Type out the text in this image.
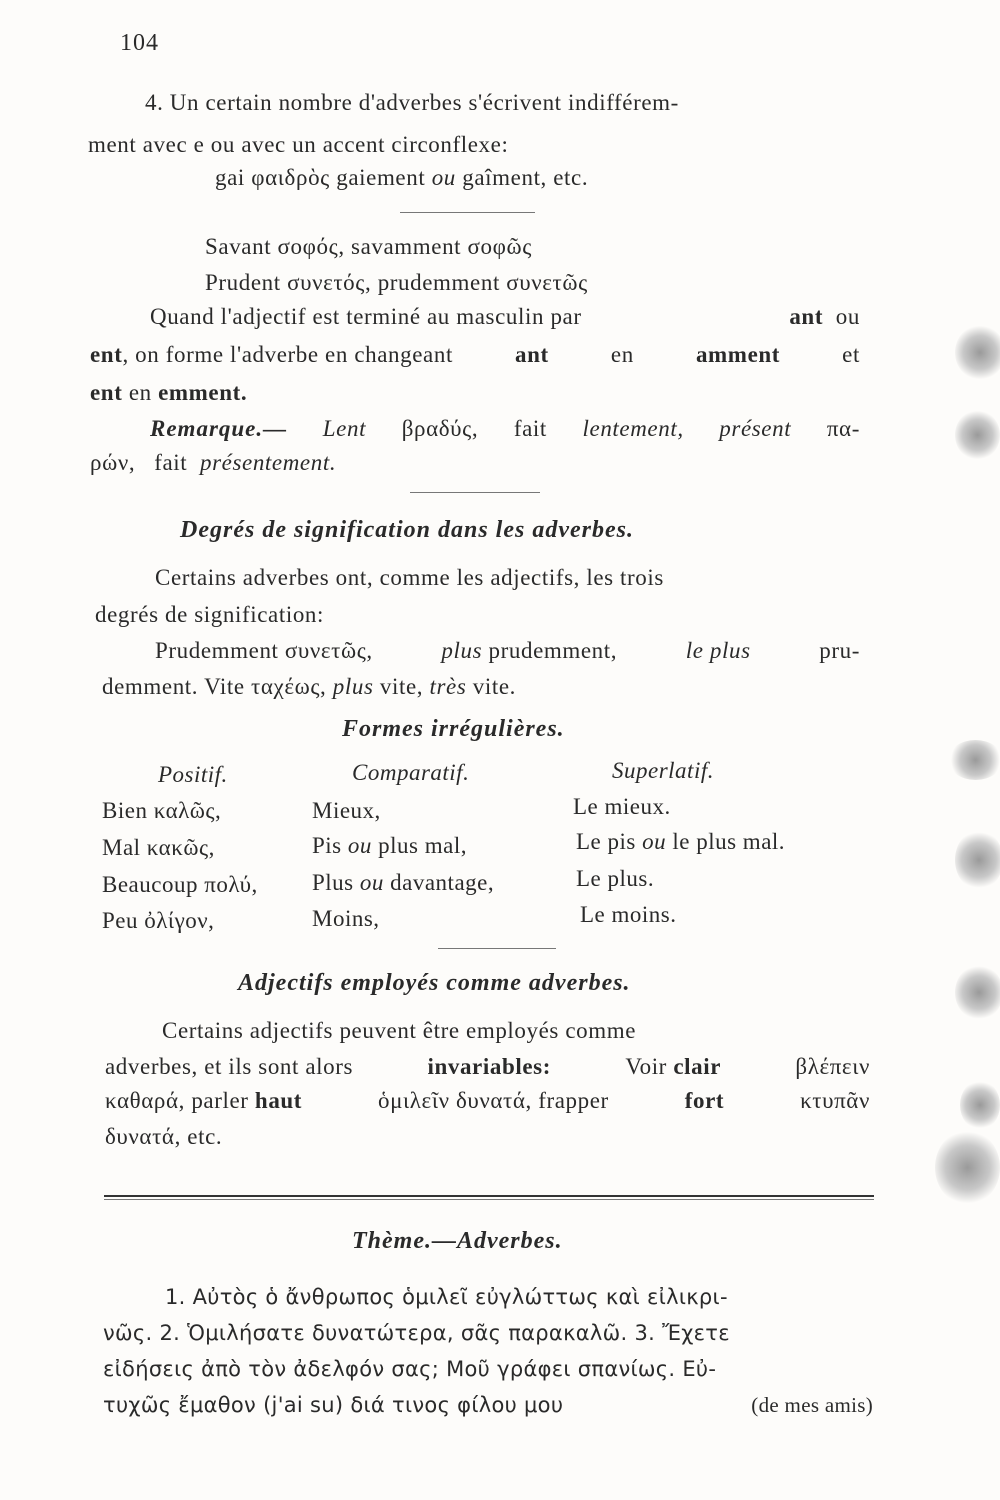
104
4. Un certain nombre d'adverbes s'écrivent indifférem-
ment avec e ou avec un accent circonflexe:
gai φαιδρὸς gaiement ou gaîment, etc.
Savant σοφός, savamment σοφῶς
Prudent συνετός, prudemment συνετῶς
Quand l'adjectif est terminé au masculin par	ant ou
ent, on forme l'adverbe en changeant	ant	en	amment	et
ent en emment.
Remarque.— Lent βραδύς, fait lentement, présent πα-
ρών, fait présentement.
Degrés de signification dans les adverbes.
Certains adverbes ont, comme les adjectifs, les trois
degrés de signification:
Prudemment συνετῶς,	plus prudemment,	le plus	pru-
demment. Vite ταχέως, plus vite, très vite.
Formes irrégulières.
Positif.	Comparatif.	Superlatif.
Bien καλῶς,	Mieux,	Le mieux.
Mal κακῶς,	Pis ou plus mal,	Le pis ou le plus mal.
Beaucoup πολύ, Plus ou davantage,	Le plus.
Peu ὀλίγον,	Moins,	Le moins.
Adjectifs employés comme adverbes.
Certains adjectifs peuvent être employés comme
adverbes, et ils sont alors	invariables:	Voir clair	βλέπειν
καθαρά, parler haut	ὁμιλεῖν δυνατά, frapper	fort	κτυπᾶν
δυνατά, etc.
Thème.—Adverbes.
1. Αὐτὸς ὁ ἄνθρωπος ὁμιλεῖ εὐγλώττως καὶ εἰλικρι-
νῶς. 2. Ὁμιλήσατε δυνατώτερα, σᾶς παρακαλῶ. 3. Ἔχετε
εἰδήσεις ἀπὸ τὸν ἀδελφόν σας; Μοῦ γράφει σπανίως. Εὐ-
τυχῶς ἔμαθον (j'ai su) διά τινος φίλου μου	(de mes amis)
